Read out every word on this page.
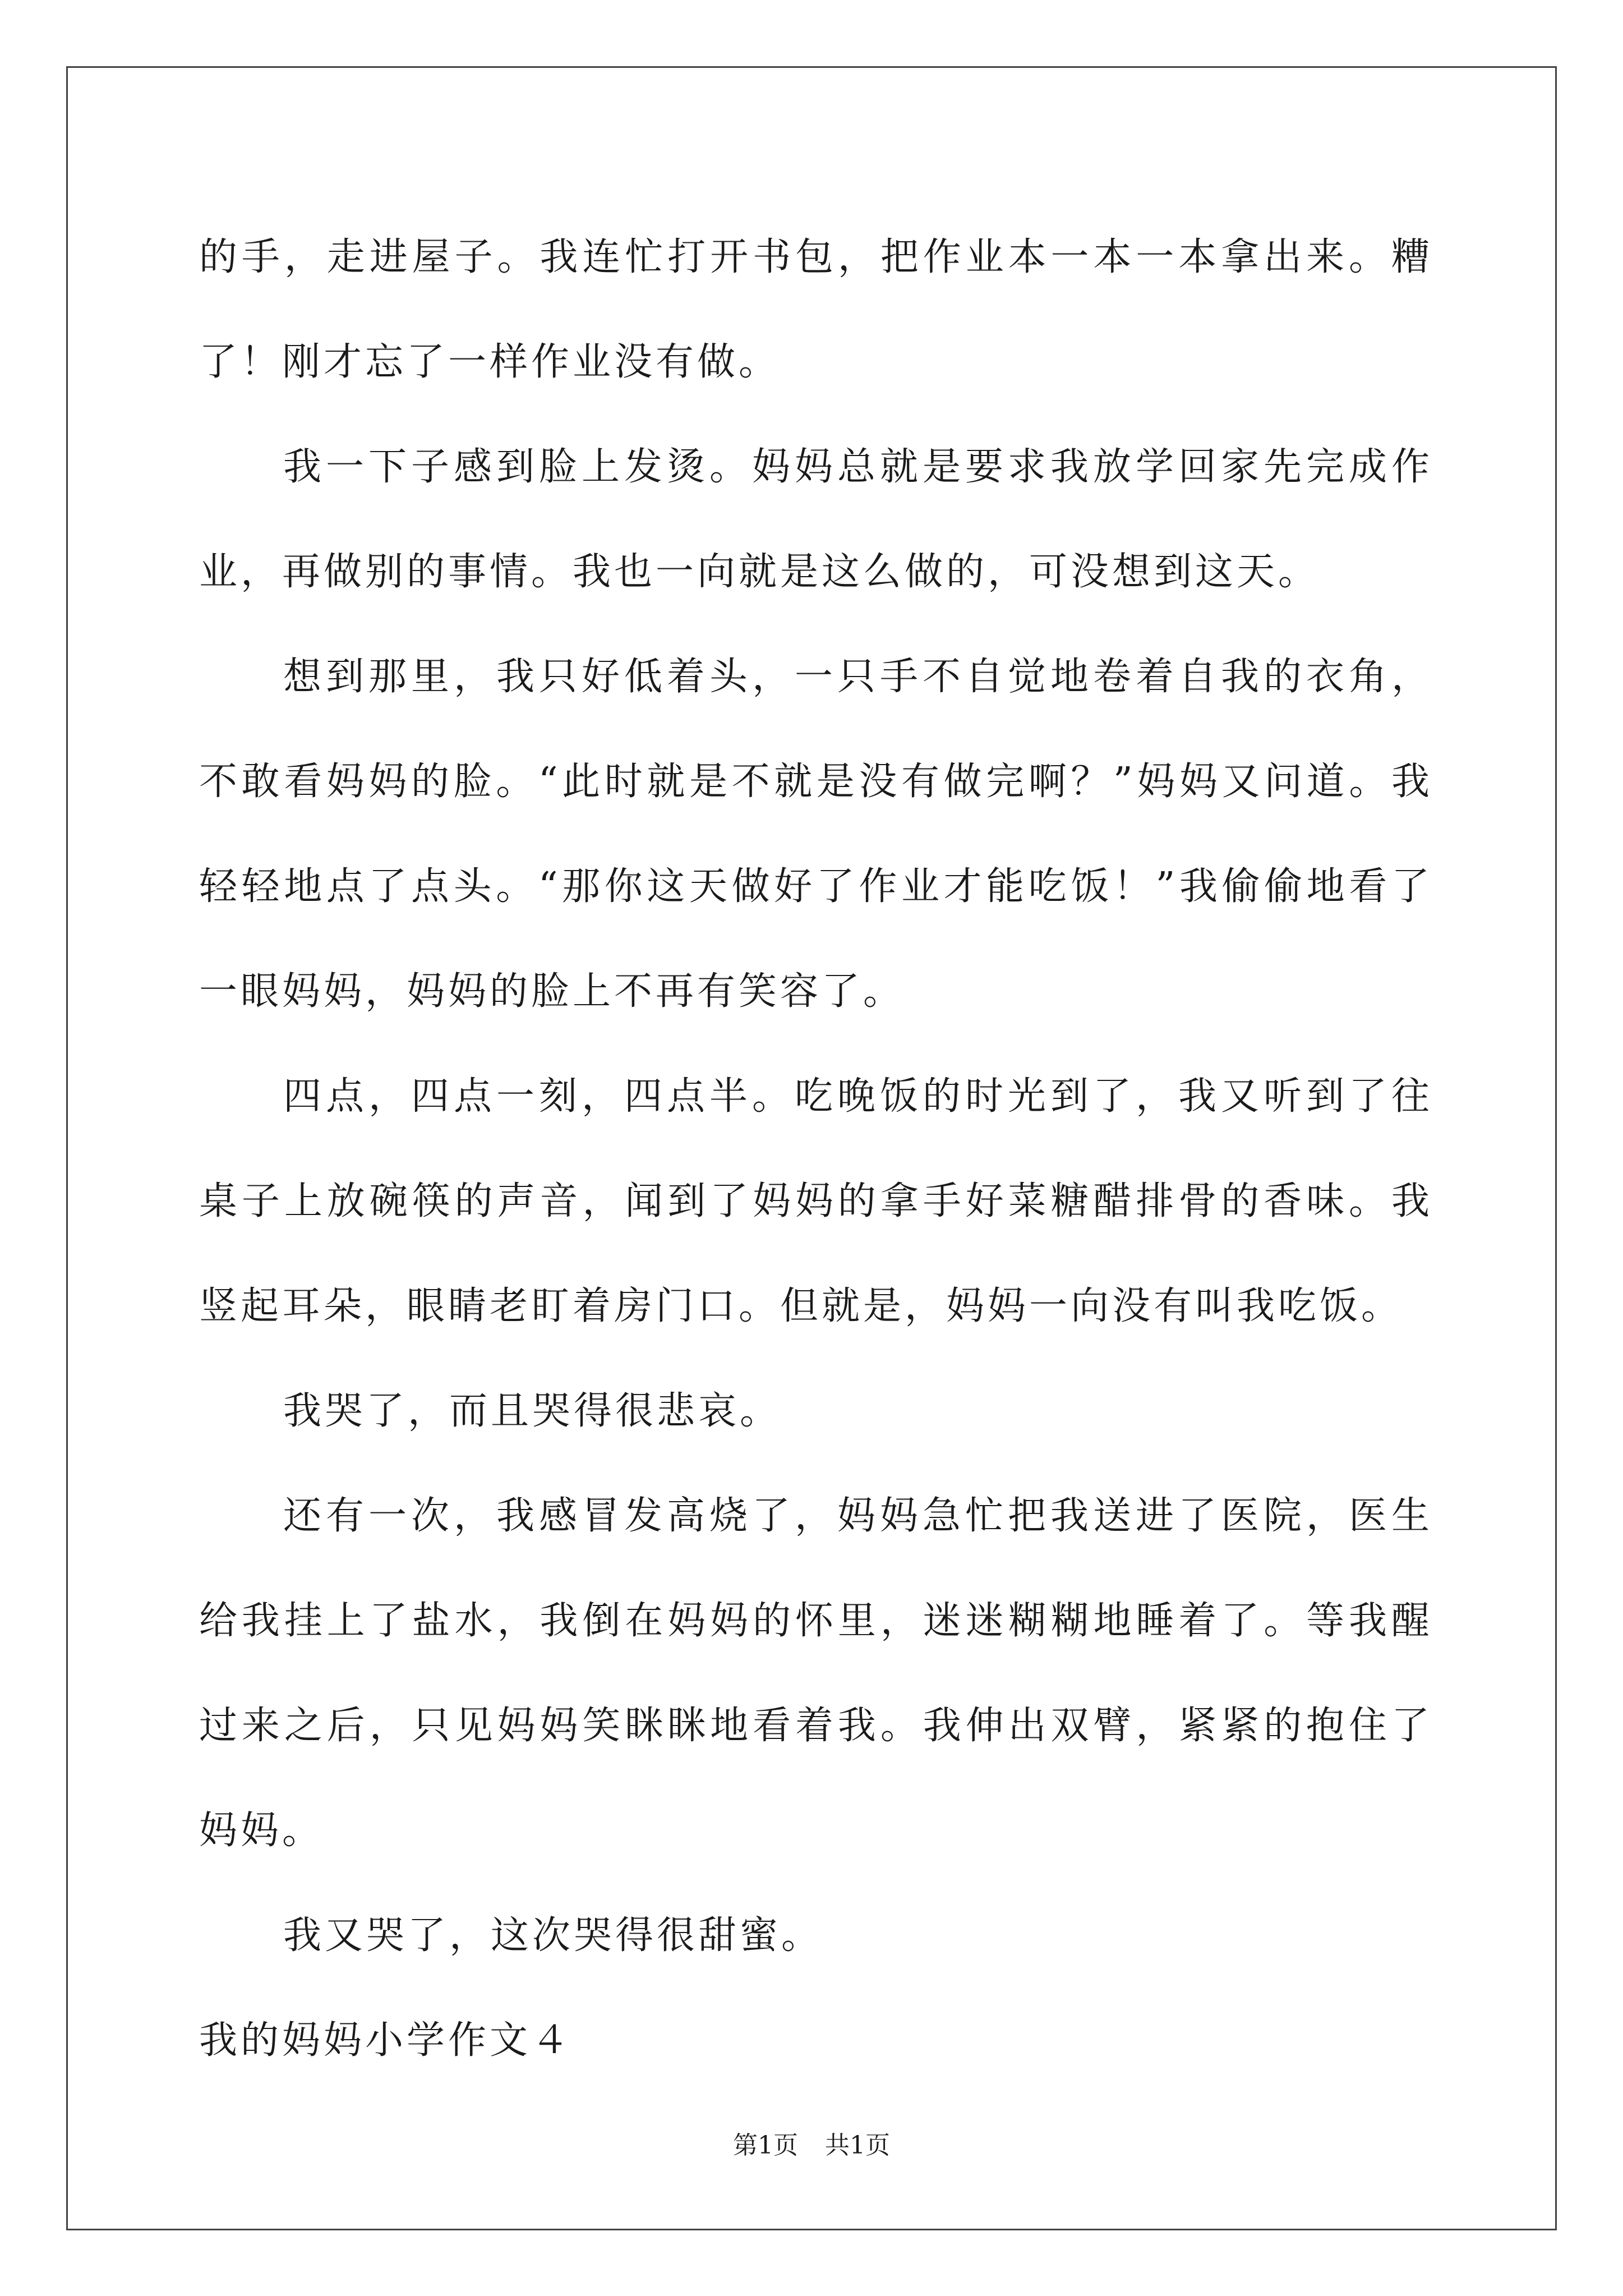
的手，走进屋子。我连忙打开书包，把作业本一本一本拿出来。糟了！刚才忘了一样作业没有做。

我一下子感到脸上发烫。妈妈总就是要求我放学回家先完成作业，再做别的事情。我也一向就是这么做的，可没想到这天。

想到那里，我只好低着头，一只手不自觉地卷着自我的衣角，不敢看妈妈的脸。“此时就是不就是没有做完啊？”妈妈又问道。我轻轻地点了点头。“那你这天做好了作业才能吃饭！”我偷偷地看了一眼妈妈，妈妈的脸上不再有笑容了。

四点，四点一刻，四点半。吃晚饭的时光到了，我又听到了往桌子上放碗筷的声音，闻到了妈妈的拿手好菜糖醋排骨的香味。我竖起耳朵，眼睛老盯着房门口。但就是，妈妈一向没有叫我吃饭。

我哭了，而且哭得很悲哀。

还有一次，我感冒发高烧了，妈妈急忙把我送进了医院，医生给我挂上了盐水，我倒在妈妈的怀里，迷迷糊糊地睡着了。等我醒过来之后，只见妈妈笑眯眯地看着我。我伸出双臂，紧紧的抱住了妈妈。

我又哭了，这次哭得很甜蜜。

我的妈妈小学作文４

第1页 共1页
